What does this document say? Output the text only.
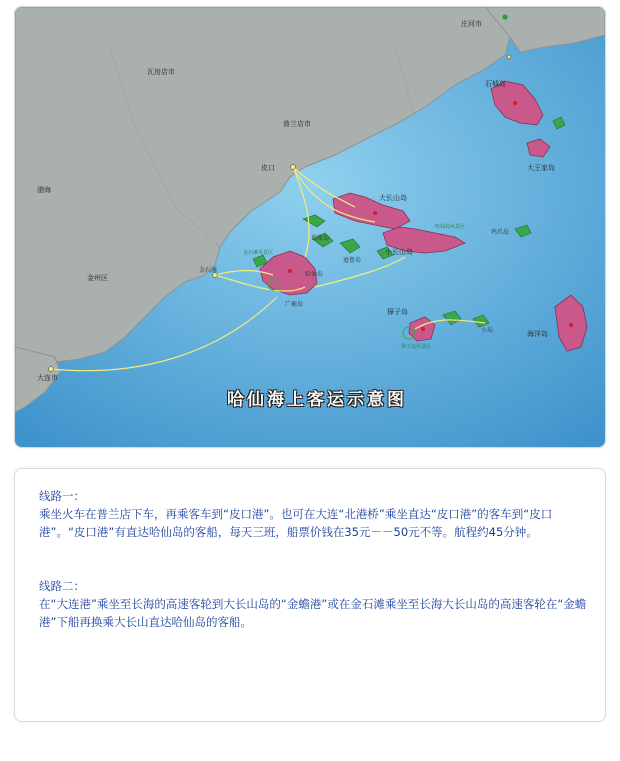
瓦房店市
普兰店市
庄河市
皮口
渤海
金州区
金石滩
大连市
广鹿岛
大长山岛
小长山岛
獐子岛
海洋岛
石城岛
大王家岛
葛藤岛
哈仙岛
逊鲁岛
小岛
鸡爪岛
金石滩风景区
哈仙岛风景区
獐子岛风景区
哈仙海上客运示意图
线路一：
乘坐火车在普兰店下车，再乘客车到“皮口港”。也可在大连“北港桥”乘坐直达“皮口港”的客车到“皮口港”。“皮口港”有直达哈仙岛的客船，每天三班，船票价钱在35元－－50元不等。航程约45分钟。
线路二：
在“大连港”乘坐至长海的高速客轮到大长山岛的“金蟾港”或在金石滩乘坐至长海大长山岛的高速客轮在“金蟾港”下船再换乘大长山直达哈仙岛的客船。
